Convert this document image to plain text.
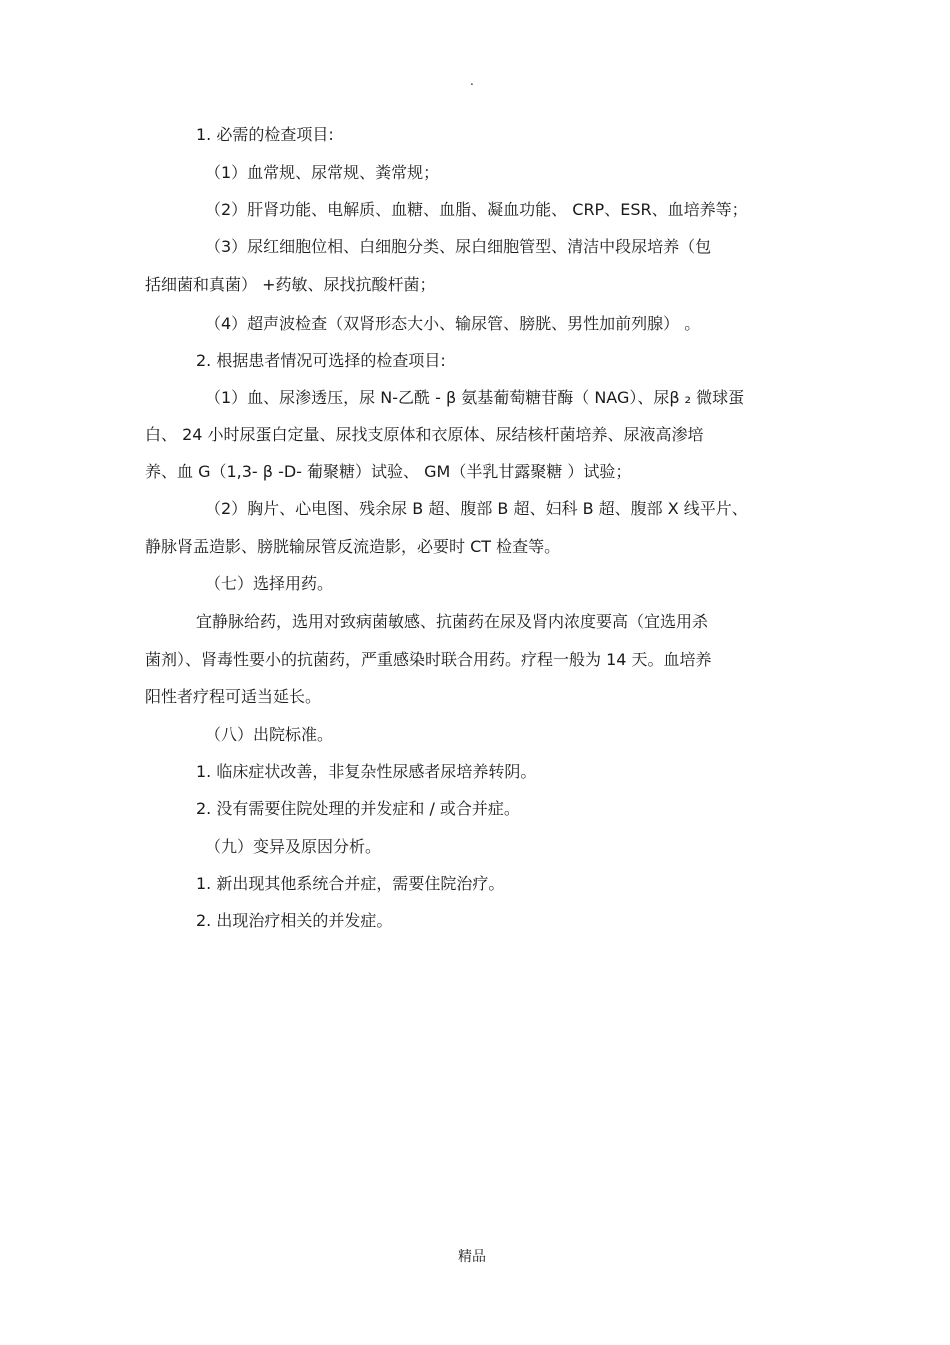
.
1. 必需的检查项目:
（1）血常规、尿常规、粪常规；
（2）肝肾功能、电解质、血糖、血脂、凝血功能、 CRP、ESR、血培养等；
（3）尿红细胞位相、白细胞分类、尿白细胞管型、清洁中段尿培养（包
括细菌和真菌） +药敏、尿找抗酸杆菌；
（4）超声波检查（双肾形态大小、输尿管、膀胱、男性加前列腺） 。
2. 根据患者情况可选择的检查项目:
（1）血、尿渗透压，尿 N-乙酰 - β 氨基葡萄糖苷酶（ NAG）、尿β ₂ 微球蛋
白、 24 小时尿蛋白定量、尿找支原体和衣原体、尿结核杆菌培养、尿液高渗培
养、血 G（1,3- β -D- 葡聚糖）试验、 GM（半乳甘露聚糖 ）试验；
（2）胸片、心电图、残余尿 B 超、腹部 B 超、妇科 B 超、腹部 X 线平片、
静脉肾盂造影、膀胱输尿管反流造影，必要时 CT 检查等。
（七）选择用药。
宜静脉给药，选用对致病菌敏感、抗菌药在尿及肾内浓度要高（宜选用杀
菌剂）、肾毒性要小的抗菌药，严重感染时联合用药。疗程一般为 14 天。血培养
阳性者疗程可适当延长。
（八）出院标准。
1. 临床症状改善，非复杂性尿感者尿培养转阴。
2. 没有需要住院处理的并发症和 / 或合并症。
（九）变异及原因分析。
1. 新出现其他系统合并症，需要住院治疗。
2. 出现治疗相关的并发症。
精品
